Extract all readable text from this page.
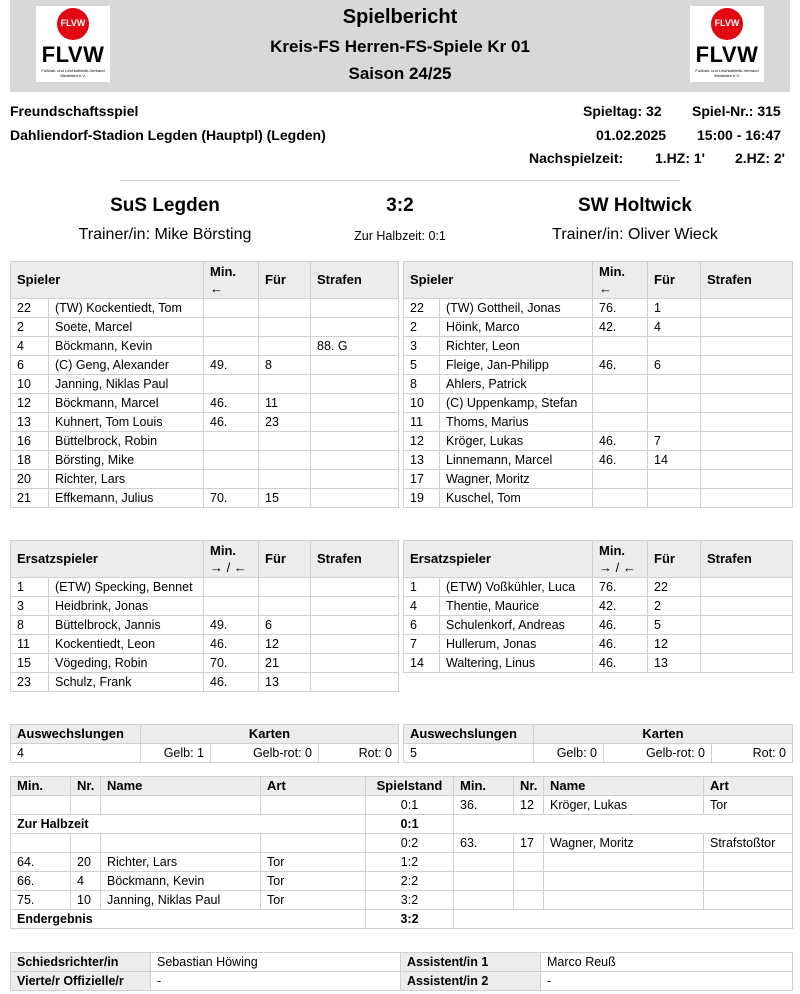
FLVW
FLVW
Fußball- und Leichtathletik-Verband Westfalen e.V.
FLVW
FLVW
Fußball- und Leichtathletik-Verband Westfalen e.V.
Spielbericht
Kreis-FS Herren-FS-Spiele Kr 01
Saison 24/25
Freundschaftsspiel
Dahliendorf-Stadion Legden (Hauptpl) (Legden)
Spieltag: 32 Spiel-Nr.: 315
01.02.2025 15:00 - 16:47
Nachspielzeit: 1.HZ: 1' 2.HZ: 2'
SuS Legden	3:2	SW Holtwick
Trainer/in: Mike Börsting	Zur Halbzeit: 0:1	Trainer/in: Oliver Wieck
Spieler		Min.
←	Für	Strafen
22	(TW) Kockentiedt, Tom			
2	Soete, Marcel			
4	Böckmann, Kevin			88. G
6	(C) Geng, Alexander	49.	8	
10	Janning, Niklas Paul			
12	Böckmann, Marcel	46.	11	
13	Kuhnert, Tom Louis	46.	23	
16	Büttelbrock, Robin			
18	Börsting, Mike			
20	Richter, Lars			
21	Effkemann, Julius	70.	15	
Spieler		Min.
←	Für	Strafen
22	(TW) Gottheil, Jonas	76.	1	
2	Höink, Marco	42.	4	
3	Richter, Leon			
5	Fleige, Jan-Philipp	46.	6	
8	Ahlers, Patrick			
10	(C) Uppenkamp, Stefan			
11	Thoms, Marius			
12	Kröger, Lukas	46.	7	
13	Linnemann, Marcel	46.	14	
17	Wagner, Moritz			
19	Kuschel, Tom			
Ersatzspieler		Min.
→ / ←	Für	Strafen
1	(ETW) Specking, Bennet			
3	Heidbrink, Jonas			
8	Büttelbrock, Jannis	49.	6	
11	Kockentiedt, Leon	46.	12	
15	Vögeding, Robin	70.	21	
23	Schulz, Frank	46.	13	
Ersatzspieler		Min.
→ / ←	Für	Strafen
1	(ETW) Voßkühler, Luca	76.	22	
4	Thentie, Maurice	42.	2	
6	Schulenkorf, Andreas	46.	5	
7	Hullerum, Jonas	46.	12	
14	Waltering, Linus	46.	13	
Auswechslungen	Karten		
4	Gelb: 1	Gelb-rot: 0	Rot: 0
Auswechslungen	Karten		
5	Gelb: 0	Gelb-rot: 0	Rot: 0
Min.	Nr.	Name	Art	Spielstand	Min.	Nr.	Name	Art
				0:1	36.	12	Kröger, Lukas	Tor
Zur Halbzeit				0:1				
				0:2	63.	17	Wagner, Moritz	Strafstoßtor
64.	20	Richter, Lars	Tor	1:2				
66.	4	Böckmann, Kevin	Tor	2:2				
75.	10	Janning, Niklas Paul	Tor	3:2				
Endergebnis				3:2				
Schiedsrichter/in	Sebastian Höwing	Assistent/in 1	Marco Reuß
Vierte/r Offizielle/r	-	Assistent/in 2	-
